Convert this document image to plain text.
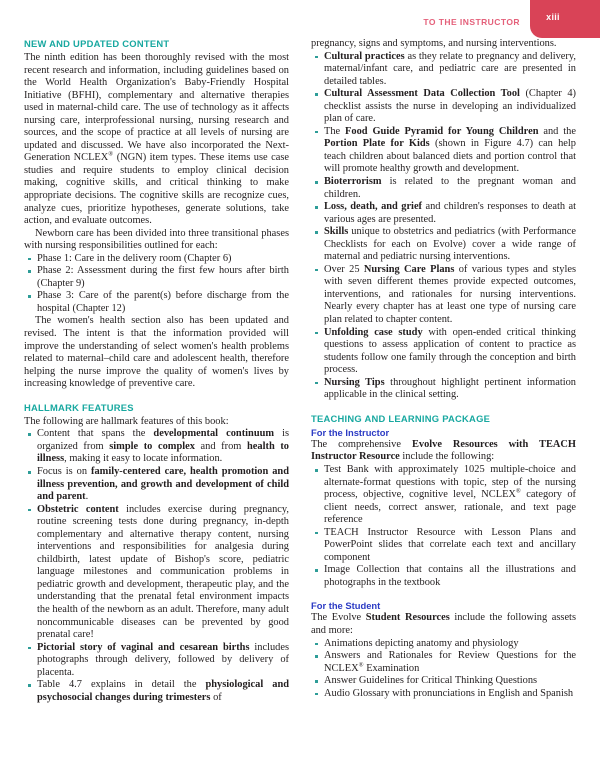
TO THE INSTRUCTOR	xiii
NEW AND UPDATED CONTENT

The ninth edition has been thoroughly revised with the most recent research and information, including guidelines based on the World Health Organization's Baby-Friendly Hospital Initiative (BFHI), complementary and alternative therapies used in maternal-child care. The use of technology as it affects nursing care, interprofessional nursing, nursing research and sources, and the scope of practice at all levels of nursing are updated and discussed. We have also incorporated the Next-Generation NCLEX® (NGN) item types. These items use case studies and require students to employ clinical decision making, cognitive skills, and critical thinking to make appropriate decisions. The cognitive skills are recognize cues, analyze cues, prioritize hypotheses, generate solutions, take action, and evaluate outcomes.

Newborn care has been divided into three transitional phases with nursing responsibilities outlined for each:

Phase 1: Care in the delivery room (Chapter 6)
Phase 2: Assessment during the first few hours after birth (Chapter 9)
Phase 3: Care of the parent(s) before discharge from the hospital (Chapter 12)

The women's health section also has been updated and revised. The intent is that the information provided will improve the understanding of select women's health problems related to maternal–child care and adolescent health, therefore helping the nurse improve the quality of women's lives by increasing knowledge of preventive care.

HALLMARK FEATURES

The following are hallmark features of this book:

Content that spans the developmental continuum is organized from simple to complex and from health to illness, making it easy to locate information.
Focus is on family-centered care, health promotion and illness prevention, and growth and development of child and parent.
Obstetric content includes exercise during pregnancy, routine screening tests done during pregnancy, in-depth complementary and alternative therapy content, nursing interventions and responsibilities for analgesia during childbirth, latest update of Bishop's score, pediatric language milestones and communication problems in pediatric growth and development, therapeutic play, and the understanding that the prenatal fetal environment impacts the health of the newborn as an adult. Therefore, many adult noncommunicable diseases can be prevented by good prenatal care!
Pictorial story of vaginal and cesarean births includes photographs through delivery, followed by delivery of placenta.
Table 4.7 explains in detail the physiological and psychosocial changes during trimesters of

pregnancy, signs and symptoms, and nursing interventions.

Cultural practices as they relate to pregnancy and delivery, maternal/infant care, and pediatric care are presented in detailed tables.
Cultural Assessment Data Collection Tool (Chapter 4) checklist assists the nurse in developing an individualized plan of care.
The Food Guide Pyramid for Young Children and the Portion Plate for Kids (shown in Figure 4.7) can help teach children about balanced diets and portion control that will promote healthy growth and development.
Bioterrorism is related to the pregnant woman and children.
Loss, death, and grief and children's responses to death at various ages are presented.
Skills unique to obstetrics and pediatrics (with Performance Checklists for each on Evolve) cover a wide range of maternal and pediatric nursing interventions.
Over 25 Nursing Care Plans of various types and styles with seven different themes provide expected outcomes, interventions, and rationales for nursing interventions. Nearly every chapter has at least one type of nursing care plan related to chapter content.
Unfolding case study with open-ended critical thinking questions to assess application of content to practice as students follow one family through the conception and birth process.
Nursing Tips throughout highlight pertinent information applicable in the clinical setting.
TEACHING AND LEARNING PACKAGE
For the Instructor

The comprehensive Evolve Resources with TEACH Instructor Resource include the following:

Test Bank with approximately 1025 multiple-choice and alternate-format questions with topic, step of the nursing process, objective, cognitive level, NCLEX® category of client needs, correct answer, rationale, and text page reference
TEACH Instructor Resource with Lesson Plans and PowerPoint slides that correlate each text and ancillary component
Image Collection that contains all the illustrations and photographs in the textbook
For the Student

The Evolve Student Resources include the following assets and more:

Animations depicting anatomy and physiology
Answers and Rationales for Review Questions for the NCLEX® Examination
Answer Guidelines for Critical Thinking Questions
Audio Glossary with pronunciations in English and Spanish
